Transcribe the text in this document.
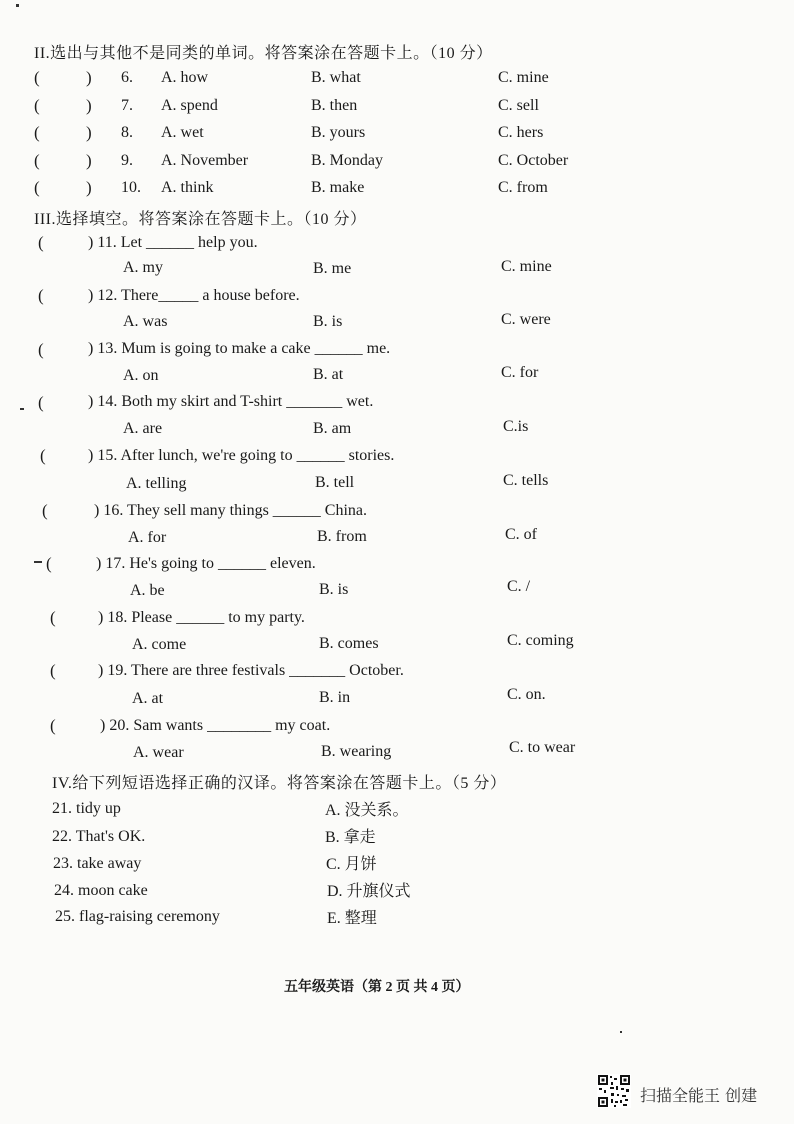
II.选出与其他不是同类的单词。将答案涂在答题卡上。（10 分）
(	) 6. A. how	B. what	C. mine
(	) 7. A. spend	B. then	C. sell
(	) 8. A. wet	B. yours	C. hers
(	) 9. A. November	B. Monday	C. October
(	) 10. A. think	B. make	C. from
III.选择填空。将答案涂在答题卡上。（10 分）
(	) 11. Let ______ help you.
A. my	B. me	C. mine
(	) 12. There_____ a house before.
A. was	B. is	C. were
(	) 13. Mum is going to make a cake ______ me.
A. on	B. at	C. for
(	) 14. Both my skirt and T-shirt _______ wet.
A. are	B. am	C.is
(	) 15. After lunch, we're going to ______ stories.
A. telling	B. tell	C. tells
(	) 16. They sell many things ______ China.
A. for	B. from	C. of
(	) 17. He's going to ______ eleven.
A. be	B. is	C. /
(	) 18. Please ______ to my party.
A. come	B. comes	C. coming
(	) 19. There are three festivals _______ October.
A. at	B. in	C. on.
(	) 20. Sam wants ________ my coat.
A. wear	B. wearing	C. to wear
IV.给下列短语选择正确的汉译。将答案涂在答题卡上。（5 分）
21. tidy up	A. 没关系。
22. That's OK.	B. 拿走
23. take away	C. 月饼
24. moon cake	D. 升旗仪式
25. flag-raising ceremony	E. 整理
五年级英语（第 2 页 共 4 页）
扫描全能王 创建
